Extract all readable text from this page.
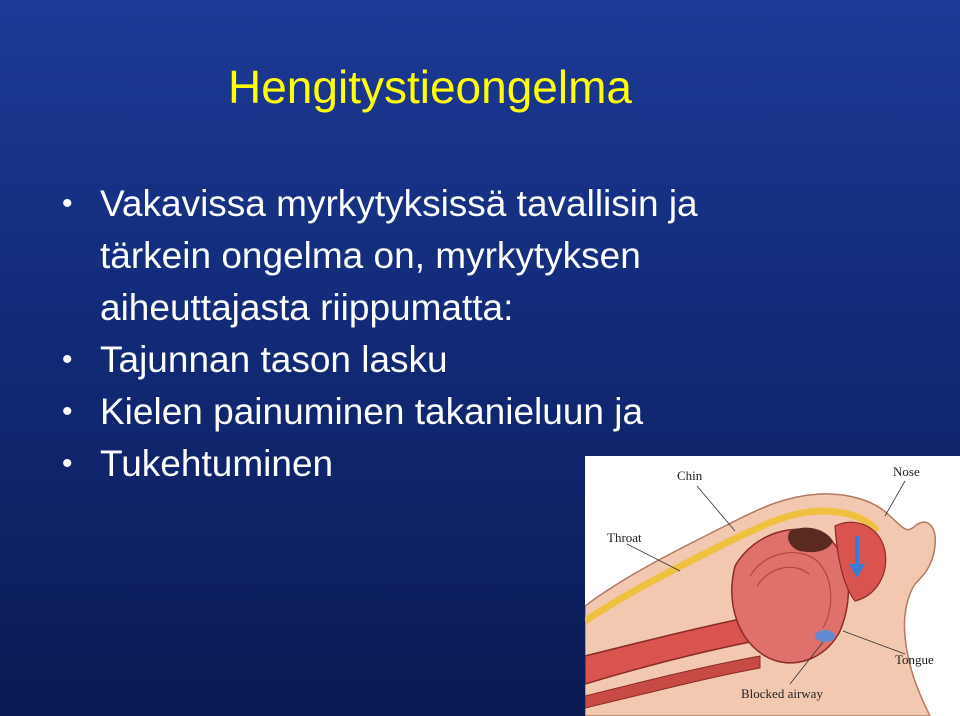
Hengitystieongelma
• Vakavissa myrkytyksissä tavallisin ja
tärkein ongelma on, myrkytyksen
aiheuttajasta riippumatta:
• Tajunnan tason lasku
• Kielen painuminen takanieluun ja
• Tukehtuminen	Chin	Nose
Throat
Tongue
Blocked airway
